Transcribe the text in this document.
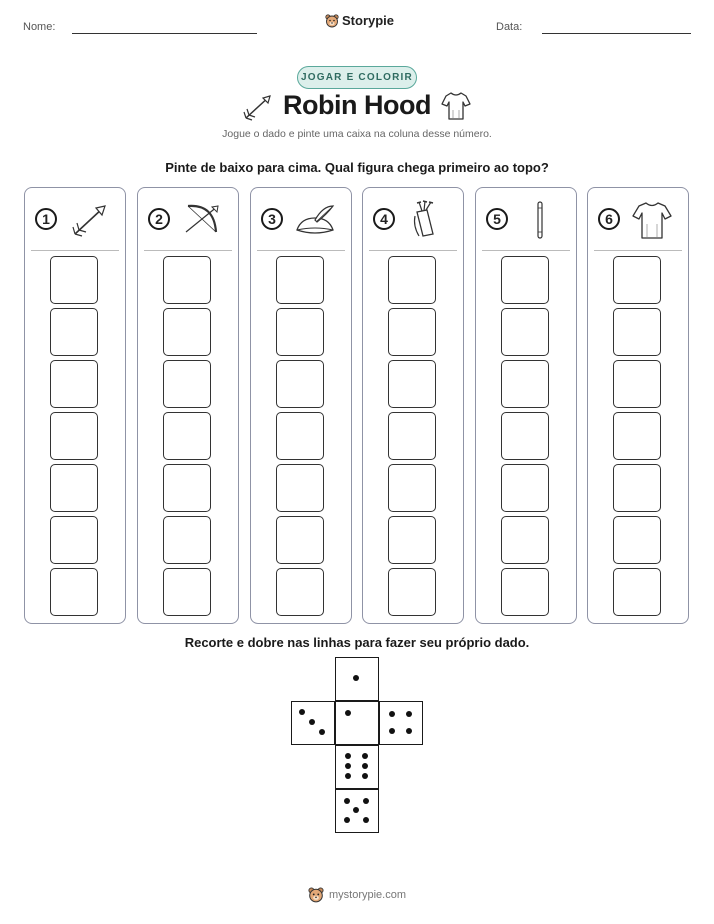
Nome:	Storypie	Data:
JOGAR E COLORIR
Robin Hood
Jogue o dado e pinte uma caixa na coluna desse número.
Pinte de baixo para cima. Qual figura chega primeiro ao topo?
1	2	3	4	5	6
Recorte e dobre nas linhas para fazer seu próprio dado.
mystorypie.com
